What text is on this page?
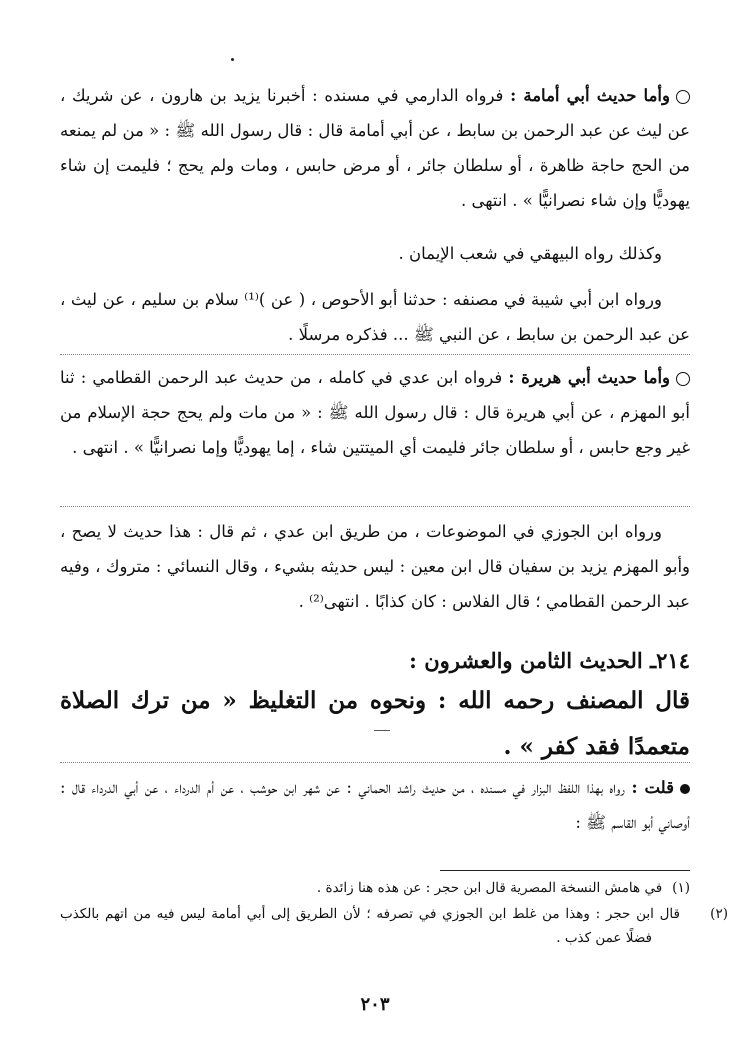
وأما حديث أبي أمامة : فرواه الدارمي في مسنده : أخبرنا يزيد بن هارون ، عن شريك ، عن ليث عن عبد الرحمن بن سابط ، عن أبي أمامة قال : قال رسول الله ﷺ : « من لم يمنعه من الحج حاجة ظاهرة ، أو سلطان جائر ، أو مرض حابس ، ومات ولم يحج ؛ فليمت إن شاء يهوديًّا وإن شاء نصرانيًّا » . انتهى .

وكذلك رواه البيهقي في شعب الإيمان .

ورواه ابن أبي شيبة في مصنفه : حدثنا أبو الأحوص ، ( عن )⁽¹⁾ سلام بن سليم ، عن ليث ، عن عبد الرحمن بن سابط ، عن النبي ﷺ ... فذكره مرسلًا .

وأما حديث أبي هريرة : فرواه ابن عدي في كامله ، من حديث عبد الرحمن القطامي : ثنا أبو المهزم ، عن أبي هريرة قال : قال رسول الله ﷺ : « من مات ولم يحج حجة الإسلام من غير وجع حابس ، أو سلطان جائر فليمت أي الميتتين شاء ، إما يهوديًّا وإما نصرانيًّا » . انتهى .

ورواه ابن الجوزي في الموضوعات ، من طريق ابن عدي ، ثم قال : هذا حديث لا يصح ، وأبو المهزم يزيد بن سفيان قال ابن معين : ليس حديثه بشيء ، وقال النسائي : متروك ، وفيه عبد الرحمن القطامي ؛ قال الفلاس : كان كذابًا . انتهى⁽²⁾ .

٢١٤ـ الحديث الثامن والعشرون :
قال المصنف رحمه الله : ونحوه من التغليظ « من ترك الصلاة متعمدًا فقد كفر » .

قلت : رواه بهذا اللفظ البزار في مسنده ، من حديث راشد الحماني : عن شهر ابن حوشب ، عن أم الدرداء ، عن أبي الدرداء قال : أوصاني أبو القاسم ﷺ :

(١)في هامش النسخة المصرية قال ابن حجر : عن هذه هنا زائدة .
(٢)قال ابن حجر : وهذا من غلط ابن الجوزي في تصرفه ؛ لأن الطريق إلى أبي أمامة ليس فيه من اتهم بالكذب فضلًا عمن كذب .
٢٠٣
